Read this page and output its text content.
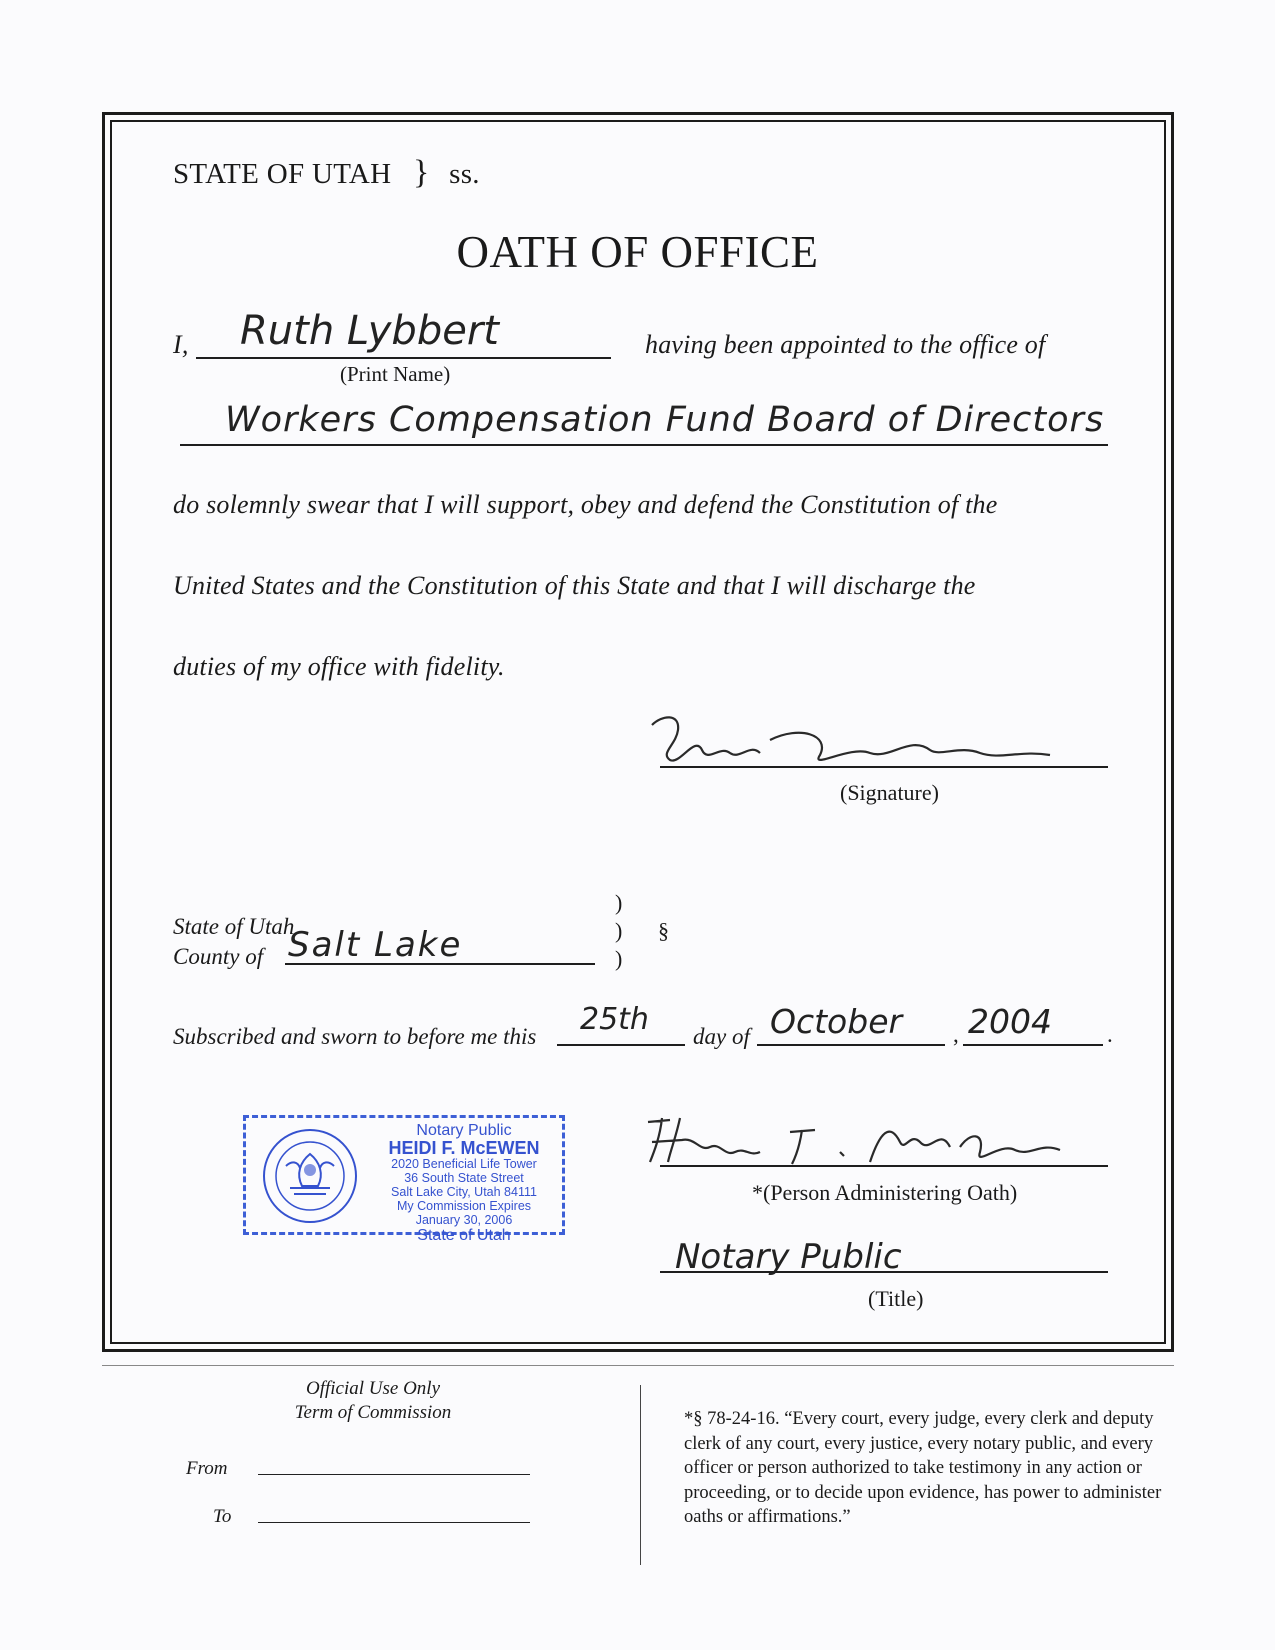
STATE OF UTAH } ss.
OATH OF OFFICE
I, Ruth Lybbert	having been appointed to the office of
(Print Name)
Workers Compensation Fund Board of Directors
do solemnly swear that I will support, obey and defend the Constitution of the
United States and the Constitution of this State and that I will discharge the
duties of my office with fidelity.
(Signature)
State of Utah
County of Salt Lake
)
)
)
§
Subscribed and sworn to before me this 25th day of October , 2004 .
Notary Public
HEIDI F. McEWEN
2020 Beneficial Life Tower
36 South State Street
Salt Lake City, Utah 84111
My Commission Expires
January 30, 2006
State of Utah
*(Person Administering Oath)
Notary Public
(Title)
Official Use Only
Term of Commission
From
To
*§ 78-24-16. “Every court, every judge, every clerk and deputy clerk of any court, every justice, every notary public, and every officer or person authorized to take testimony in any action or proceeding, or to decide upon evidence, has power to administer oaths or affirmations.”
